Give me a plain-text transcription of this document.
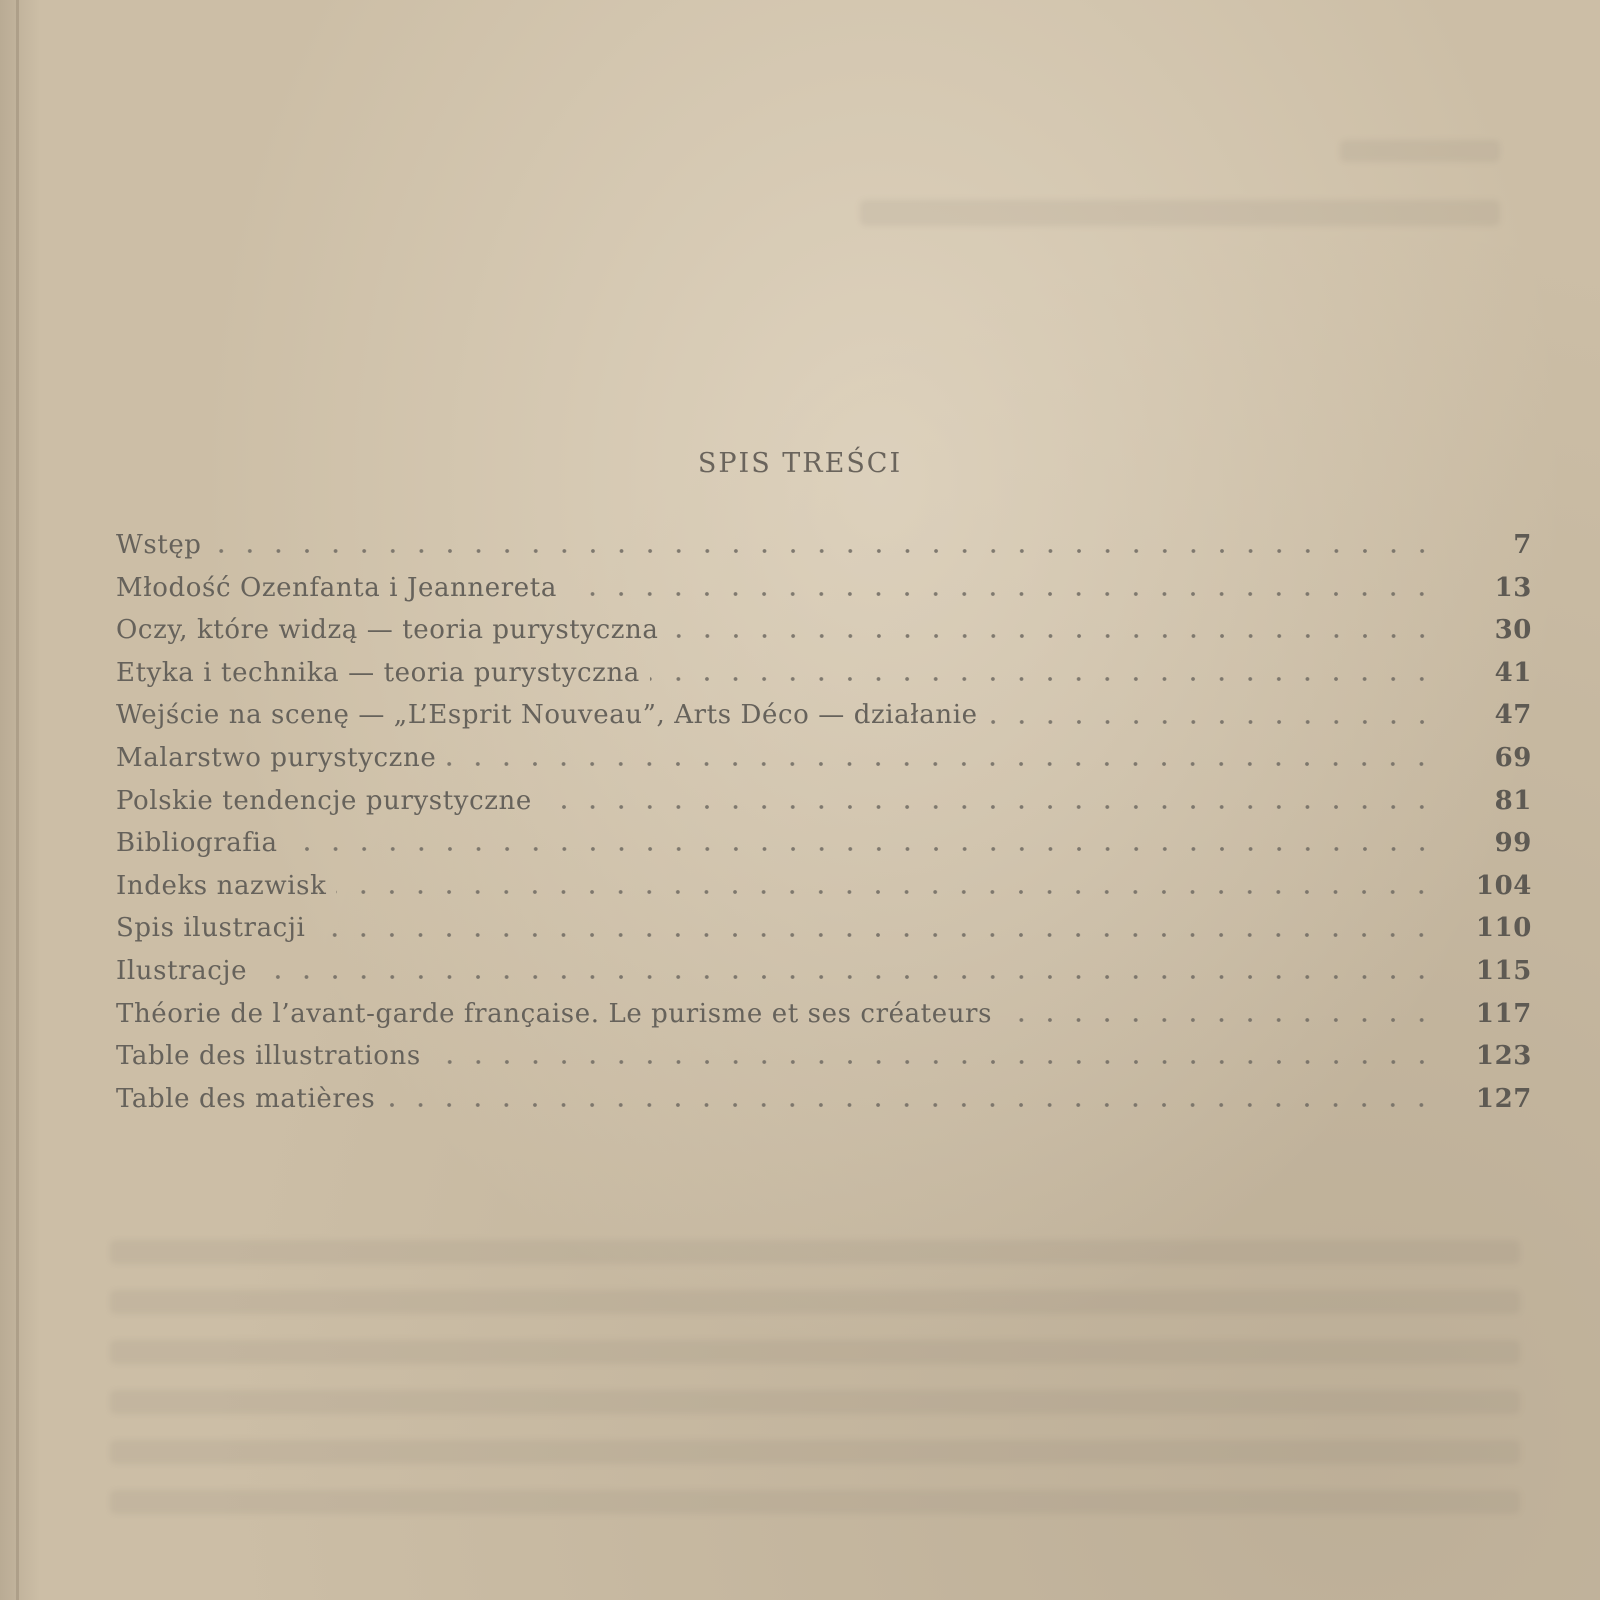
SPIS TREŚCI
Wstęp	7
Młodość Ozenfanta i Jeannereta	13
Oczy, które widzą — teoria purystyczna	30
Etyka i technika — teoria purystyczna	41
Wejście na scenę — „L’Esprit Nouveau”, Arts Déco — działanie	47
Malarstwo purystyczne	69
Polskie tendencje purystyczne	81
Bibliografia	99
Indeks nazwisk	104
Spis ilustracji	110
Ilustracje	115
Théorie de l’avant-garde française. Le purisme et ses créateurs	117
Table des illustrations	123
Table des matières	127
